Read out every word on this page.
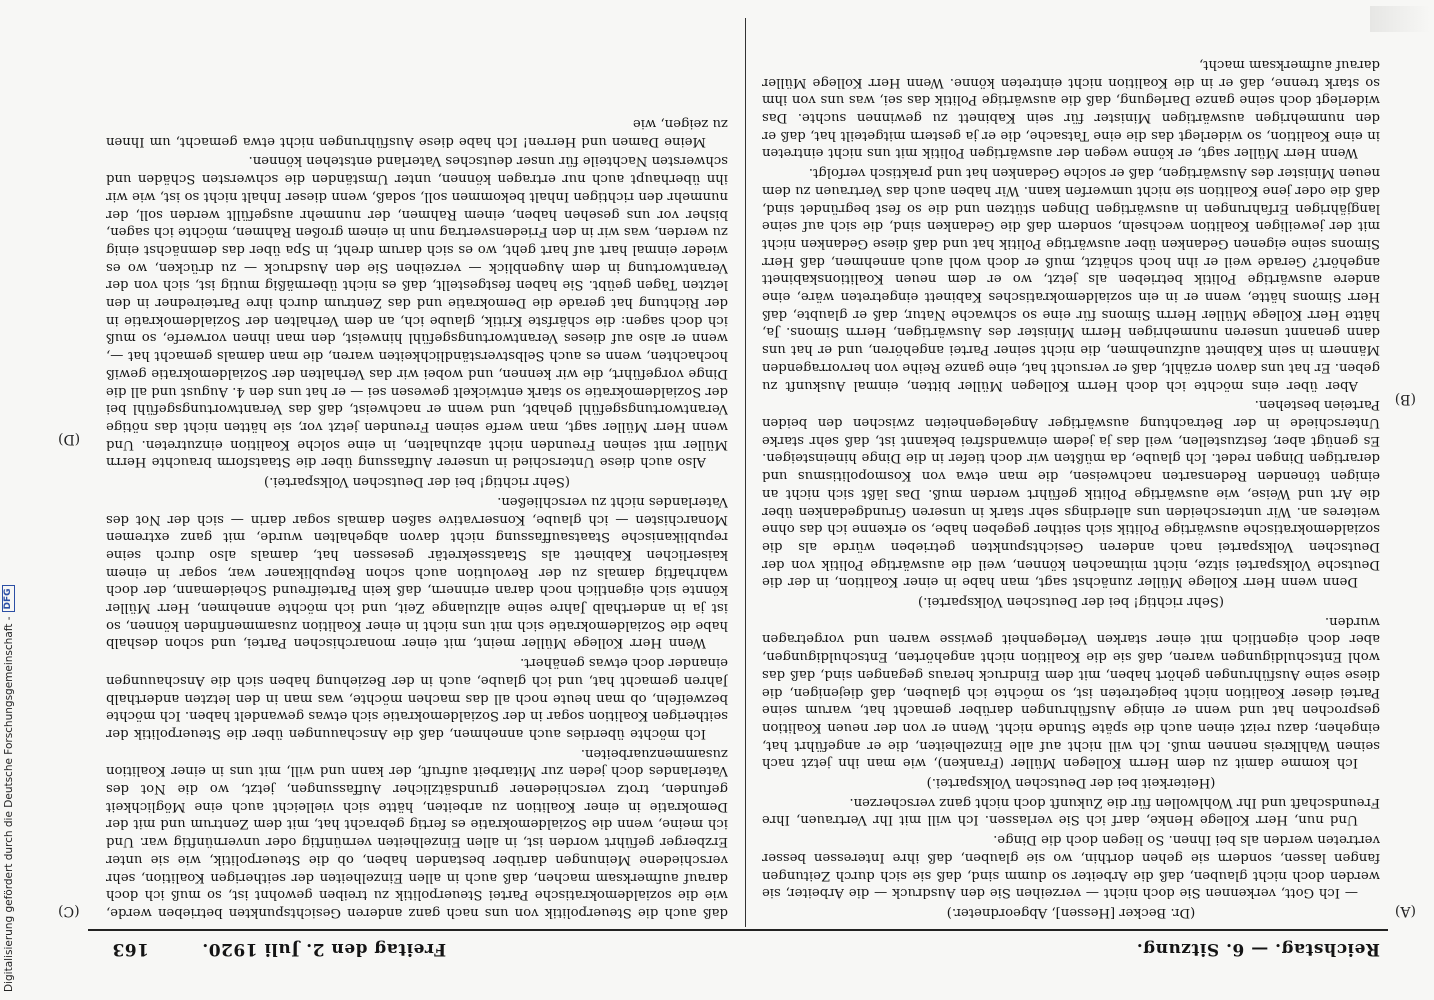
Reichstag. — 6. Sitzung.
Freitag den 2. Juli 1920.  163
(A)
(B)
(C)
(D)

(Dr. Becker [Hessen], Abgeordneter.)

— Ich Gott, verkennen Sie doch nicht — verzeihen Sie den Ausdruck — die Arbeiter, sie werden doch nicht glauben, daß die Arbeiter so dumm sind, daß sie sich durch Zeitungen fangen lassen, sondern sie gehen dorthin, wo sie glauben, daß ihre Interessen besser vertreten werden als bei Ihnen. So liegen doch die Dinge.

Und nun, Herr Kollege Henke, darf ich Sie verlassen. Ich will mit Ihr Vertrauen, Ihre Freundschaft und Ihr Wohlwollen für die Zukunft doch nicht ganz verscherzen.

(Heiterkeit bei der Deutschen Volkspartei.)

Ich komme damit zu dem Herrn Kollegen Müller (Franken), wie man ihn jetzt nach seinen Wahlkreis nennen muß. Ich will nicht auf alle Einzelheiten, die er angeführt hat, eingehen; dazu reizt einen auch die späte Stunde nicht. Wenn er von der neuen Koalition gesprochen hat und wenn er einige Ausführungen darüber gemacht hat, warum seine Partei dieser Koalition nicht beigetreten ist, so möchte ich glauben, daß diejenigen, die diese seine Ausführungen gehört haben, mit dem Eindruck heraus gegangen sind, daß das wohl Entschuldigungen waren, daß sie die Koalition nicht angehörten, Entschuldigungen, aber doch eigentlich mit einer starken Verlegenheit gewisse waren und vorgetragen wurden.

(Sehr richtig! bei der Deutschen Volkspartei.)

Denn wenn Herr Kollege Müller zunächst sagt, man habe in einer Koalition, in der die Deutsche Volkspartei sitze, nicht mitmachen können, weil die auswärtige Politik von der Deutschen Volkspartei nach anderen Gesichtspunkten getrieben würde als die sozialdemokratische auswärtige Politik sich seither gegeben habe, so erkenne ich das ohne weiteres an. Wir unterscheiden uns allerdings sehr stark in unseren Grundgedanken über die Art und Weise, wie auswärtige Politik geführt werden muß. Das läßt sich nicht an einigen tönenden Redensarten nachweisen, die man etwa von Kosmopolitismus und derartigen Dingen redet. Ich glaube, da müßten wir doch tiefer in die Dinge hineinsteigen. Es genügt aber, festzustellen, weil das ja jedem einwandsfrei bekannt ist, daß sehr starke Unterschiede in der Betrachtung auswärtiger Angelegenheiten zwischen den beiden Parteien bestehen.

Aber über eins möchte ich doch Herrn Kollegen Müller bitten, einmal Auskunft zu geben. Er hat uns davon erzählt, daß er versucht hat, eine ganze Reihe von hervorragenden Männern in sein Kabinett aufzunehmen, die nicht seiner Partei angehören, und er hat uns dann genannt unseren nunmehrigen Herrn Minister des Auswärtigen, Herrn Simons. Ja, hätte Herr Kollege Müller Herrn Simons für eine so schwache Natur, daß er glaubte, daß Herr Simons hätte, wenn er in ein sozialdemokratisches Kabinett eingetreten wäre, eine andere auswärtige Politik betrieben als jetzt, wo er dem neuen Koalitionskabinett angehört? Gerade weil er ihn hoch schätzt, muß er doch wohl auch annehmen, daß Herr Simons seine eigenen Gedanken über auswärtige Politik hat und daß diese Gedanken nicht mit der jeweiligen Koalition wechseln, sondern daß die Gedanken sind, die sich auf seine langjährigen Erfahrungen in auswärtigen Dingen stützen und die so fest begründet sind, daß die oder jene Koalition sie nicht umwerfen kann. Wir haben auch das Vertrauen zu dem neuen Minister des Auswärtigen, daß er solche Gedanken hat und praktisch verfolgt.

Wenn Herr Müller sagt, er könne wegen der auswärtigen Politik mit uns nicht eintreten in eine Koalition, so widerlegt das die eine Tatsache, die er ja gestern mitgeteilt hat, daß er den nunmehrigen auswärtigen Minister für sein Kabinett zu gewinnen suchte. Das widerlegt doch seine ganze Darlegung, daß die auswärtige Politik das sei, was uns von ihm so stark trenne, daß er in die Koalition nicht eintreten könne. Wenn Herr Kollege Müller darauf aufmerksam macht,

daß auch die Steuerpolitik von uns nach ganz anderen Gesichtspunkten betrieben werde, wie die sozialdemokratische Partei Steuerpolitik zu treiben gewohnt ist, so muß ich doch darauf aufmerksam machen, daß auch in allen Einzelheiten der seitherigen Koalition, sehr verschiedene Meinungen darüber bestanden haben, ob die Steuerpolitik, wie sie unter Erzberger geführt worden ist, in allen Einzelheiten vernünftig oder unvernünftig war. Und ich meine, wenn die Sozialdemokratie es fertig gebracht hat, mit dem Zentrum und mit der Demokratie in einer Koalition zu arbeiten, hätte sich vielleicht auch eine Möglichkeit gefunden, trotz verschiedener grundsätzlicher Auffassungen, jetzt, wo die Not des Vaterlandes doch jeden zur Mitarbeit aufruft, der kann und will, mit uns in einer Koalition zusammenzuarbeiten.

Ich möchte überdies auch annehmen, daß die Anschauungen über die Steuerpolitik der seitherigen Koalition sogar in der Sozialdemokratie sich etwas gewandelt haben. Ich möchte bezweifeln, ob man heute noch all das machen möchte, was man in den letzten anderthalb Jahren gemacht hat, und ich glaube, auch in der Beziehung haben sich die Anschauungen einander doch etwas genähert.

Wenn Herr Kollege Müller meint, mit einer monarchischen Partei, und schon deshalb habe die Sozialdemokratie sich mit uns nicht in einer Koalition zusammenfinden können, so ist ja in anderthalb Jahre seine allzulange Zeit, und ich möchte annehmen, Herr Müller könnte sich eigentlich noch daran erinnern, daß kein Parteifreund Scheidemann, der doch wahrhaftig damals zu der Revolution auch schon Republikaner war, sogar in einem kaiserlichen Kabinett als Staatssekretär gesessen hat, damals also durch seine republikanische Staatsauffassung nicht davon abgehalten wurde, mit ganz extremen Monarchisten — ich glaube, Konservative saßen damals sogar darin — sich der Not des Vaterlandes nicht zu verschließen.

(Sehr richtig! bei der Deutschen Volkspartei.)

Also auch diese Unterschied in unserer Auffassung über die Staatsform brauchte Herrn Müller mit seinen Freunden nicht abzuhalten, in eine solche Koalition einzutreten. Und wenn Herr Müller sagt, man werfe seinen Freunden jetzt vor, sie hätten nicht das nötige Verantwortungsgefühl gehabt, und wenn er nachweist, daß das Verantwortungsgefühl bei der Sozialdemokratie so stark entwickelt gewesen sei — er hat uns den 4. August und all die Dinge vorgeführt, die wir kennen, und wobei wir das Verhalten der Sozialdemokratie gewiß hochachten, wenn es auch Selbstverständlichkeiten waren, die man damals gemacht hat —, wenn er also auf dieses Verantwortungsgefühl hinweist, den man ihnen vorwerfe, so muß ich doch sagen: die schärfste Kritik, glaube ich, an dem Verhalten der Sozialdemokratie in der Richtung hat gerade die Demokratie und das Zentrum durch ihre Parteiredner in den letzten Tagen geübt. Sie haben festgestellt, daß es nicht übermäßig mutig ist, sich von der Verantwortung in dem Augenblick — verzeihen Sie den Ausdruck — zu drücken, wo es wieder einmal hart auf hart geht, wo es sich darum dreht, in Spa über das demnächst einig zu werden, was wir in den Friedensvertrag nun in einem großen Rahmen, möchte ich sagen, bisher vor uns gesehen haben, einem Rahmen, der nunmehr ausgefüllt werden soll, der nunmehr den richtigen Inhalt bekommen soll, sodaß, wenn dieser Inhalt nicht so ist, wie wir ihn überhaupt auch nur ertragen können, unter Umständen die schwersten Schäden und schwersten Nachteile für unser deutsches Vaterland entstehen können.

Meine Damen und Herren! Ich habe diese Ausführungen nicht etwa gemacht, um Ihnen zu zeigen, wie

Digitalisierung gefördert durch die Deutsche Forschungsgemeinschaft -
DFG
